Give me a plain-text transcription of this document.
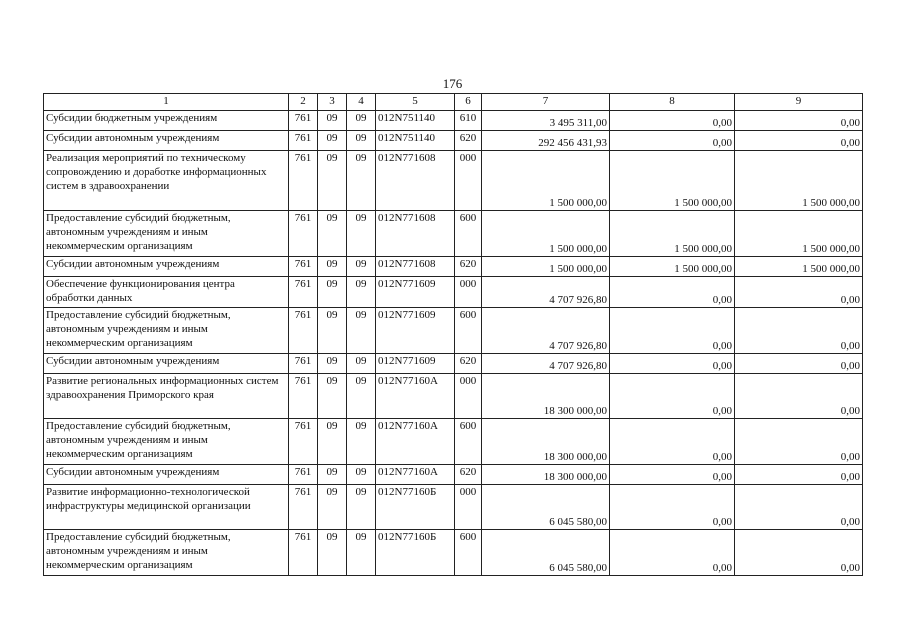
176
1	2	3	4	5	6	7	8	9
Субсидии бюджетным учреждениям	761	09	09	012N751140	610	3 495 311,00	0,00	0,00
Субсидии автономным учреждениям	761	09	09	012N751140	620	292 456 431,93	0,00	0,00
Реализация мероприятий по техническому сопровождению и доработке информационных систем в здравоохранении	761	09	09	012N771608	000	1 500 000,00	1 500 000,00	1 500 000,00
Предоставление субсидий бюджетным, автономным учреждениям и иным некоммерческим организациям	761	09	09	012N771608	600	1 500 000,00	1 500 000,00	1 500 000,00
Субсидии автономным учреждениям	761	09	09	012N771608	620	1 500 000,00	1 500 000,00	1 500 000,00
Обеспечение функционирования центра обработки данных	761	09	09	012N771609	000	4 707 926,80	0,00	0,00
Предоставление субсидий бюджетным, автономным учреждениям и иным некоммерческим организациям	761	09	09	012N771609	600	4 707 926,80	0,00	0,00
Субсидии автономным учреждениям	761	09	09	012N771609	620	4 707 926,80	0,00	0,00
Развитие региональных информационных систем здравоохранения Приморского края	761	09	09	012N77160A	000	18 300 000,00	0,00	0,00
Предоставление субсидий бюджетным, автономным учреждениям и иным некоммерческим организациям	761	09	09	012N77160A	600	18 300 000,00	0,00	0,00
Субсидии автономным учреждениям	761	09	09	012N77160A	620	18 300 000,00	0,00	0,00
Развитие информационно-технологической инфраструктуры медицинской организации	761	09	09	012N77160Б	000	6 045 580,00	0,00	0,00
Предоставление субсидий бюджетным, автономным учреждениям и иным некоммерческим организациям	761	09	09	012N77160Б	600	6 045 580,00	0,00	0,00
